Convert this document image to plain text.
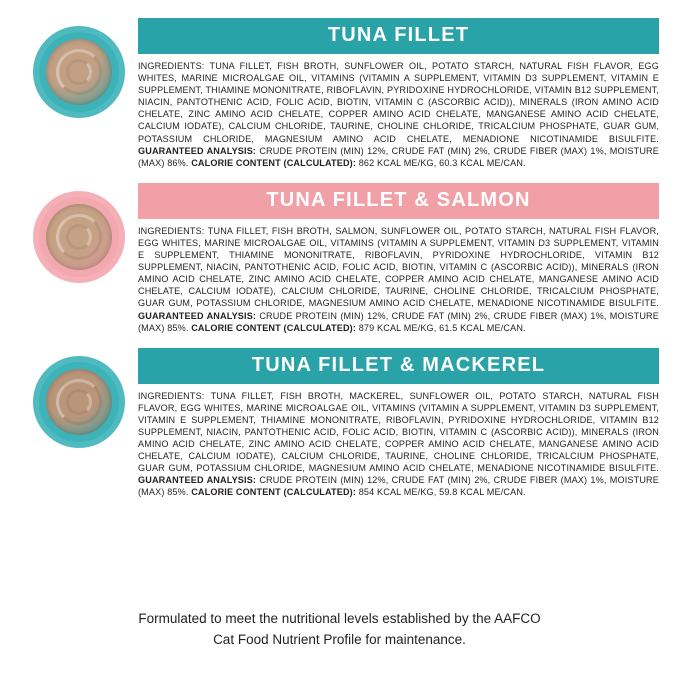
TUNA FILLET
INGREDIENTS: TUNA FILLET, FISH BROTH, SUNFLOWER OIL, POTATO STARCH, NATURAL FISH FLAVOR, EGG WHITES, MARINE MICROALGAE OIL, VITAMINS (VITAMIN A SUPPLEMENT, VITAMIN D3 SUPPLEMENT, VITAMIN E SUPPLEMENT, THIAMINE MONONITRATE, RIBOFLAVIN, PYRIDOXINE HYDROCHLORIDE, VITAMIN B12 SUPPLEMENT, NIACIN, PANTOTHENIC ACID, FOLIC ACID, BIOTIN, VITAMIN C (ASCORBIC ACID)), MINERALS (IRON AMINO ACID CHELATE, ZINC AMINO ACID CHELATE, COPPER AMINO ACID CHELATE, MANGANESE AMINO ACID CHELATE, CALCIUM IODATE), CALCIUM CHLORIDE, TAURINE, CHOLINE CHLORIDE, TRICALCIUM PHOSPHATE, GUAR GUM, POTASSIUM CHLORIDE, MAGNESIUM AMINO ACID CHELATE, MENADIONE NICOTINAMIDE BISULFITE. GUARANTEED ANALYSIS: CRUDE PROTEIN (MIN) 12%, CRUDE FAT (MIN) 2%, CRUDE FIBER (MAX) 1%, MOISTURE (MAX) 86%. CALORIE CONTENT (CALCULATED): 862 KCAL ME/KG, 60.3 KCAL ME/CAN.
TUNA FILLET & SALMON
INGREDIENTS: TUNA FILLET, FISH BROTH, SALMON, SUNFLOWER OIL, POTATO STARCH, NATURAL FISH FLAVOR, EGG WHITES, MARINE MICROALGAE OIL, VITAMINS (VITAMIN A SUPPLEMENT, VITAMIN D3 SUPPLEMENT, VITAMIN E SUPPLEMENT, THIAMINE MONONITRATE, RIBOFLAVIN, PYRIDOXINE HYDROCHLORIDE, VITAMIN B12 SUPPLEMENT, NIACIN, PANTOTHENIC ACID, FOLIC ACID, BIOTIN, VITAMIN C (ASCORBIC ACID)), MINERALS (IRON AMINO ACID CHELATE, ZINC AMINO ACID CHELATE, COPPER AMINO ACID CHELATE, MANGANESE AMINO ACID CHELATE, CALCIUM IODATE), CALCIUM CHLORIDE, TAURINE, CHOLINE CHLORIDE, TRICALCIUM PHOSPHATE, GUAR GUM, POTASSIUM CHLORIDE, MAGNESIUM AMINO ACID CHELATE, MENADIONE NICOTINAMIDE BISULFITE. GUARANTEED ANALYSIS: CRUDE PROTEIN (MIN) 12%, CRUDE FAT (MIN) 2%, CRUDE FIBER (MAX) 1%, MOISTURE (MAX) 85%. CALORIE CONTENT (CALCULATED): 879 KCAL ME/KG, 61.5 KCAL ME/CAN.
TUNA FILLET & MACKEREL
INGREDIENTS: TUNA FILLET, FISH BROTH, MACKEREL, SUNFLOWER OIL, POTATO STARCH, NATURAL FISH FLAVOR, EGG WHITES, MARINE MICROALGAE OIL, VITAMINS (VITAMIN A SUPPLEMENT, VITAMIN D3 SUPPLEMENT, VITAMIN E SUPPLEMENT, THIAMINE MONONITRATE, RIBOFLAVIN, PYRIDOXINE HYDROCHLORIDE, VITAMIN B12 SUPPLEMENT, NIACIN, PANTOTHENIC ACID, FOLIC ACID, BIOTIN, VITAMIN C (ASCORBIC ACID)), MINERALS (IRON AMINO ACID CHELATE, ZINC AMINO ACID CHELATE, COPPER AMINO ACID CHELATE, MANGANESE AMINO ACID CHELATE, CALCIUM IODATE), CALCIUM CHLORIDE, TAURINE, CHOLINE CHLORIDE, TRICALCIUM PHOSPHATE, GUAR GUM, POTASSIUM CHLORIDE, MAGNESIUM AMINO ACID CHELATE, MENADIONE NICOTINAMIDE BISULFITE. GUARANTEED ANALYSIS: CRUDE PROTEIN (MIN) 12%, CRUDE FAT (MIN) 2%, CRUDE FIBER (MAX) 1%, MOISTURE (MAX) 85%. CALORIE CONTENT (CALCULATED): 854 KCAL ME/KG, 59.8 KCAL ME/CAN.
Formulated to meet the nutritional levels established by the AAFCO
Cat Food Nutrient Profile for maintenance.
